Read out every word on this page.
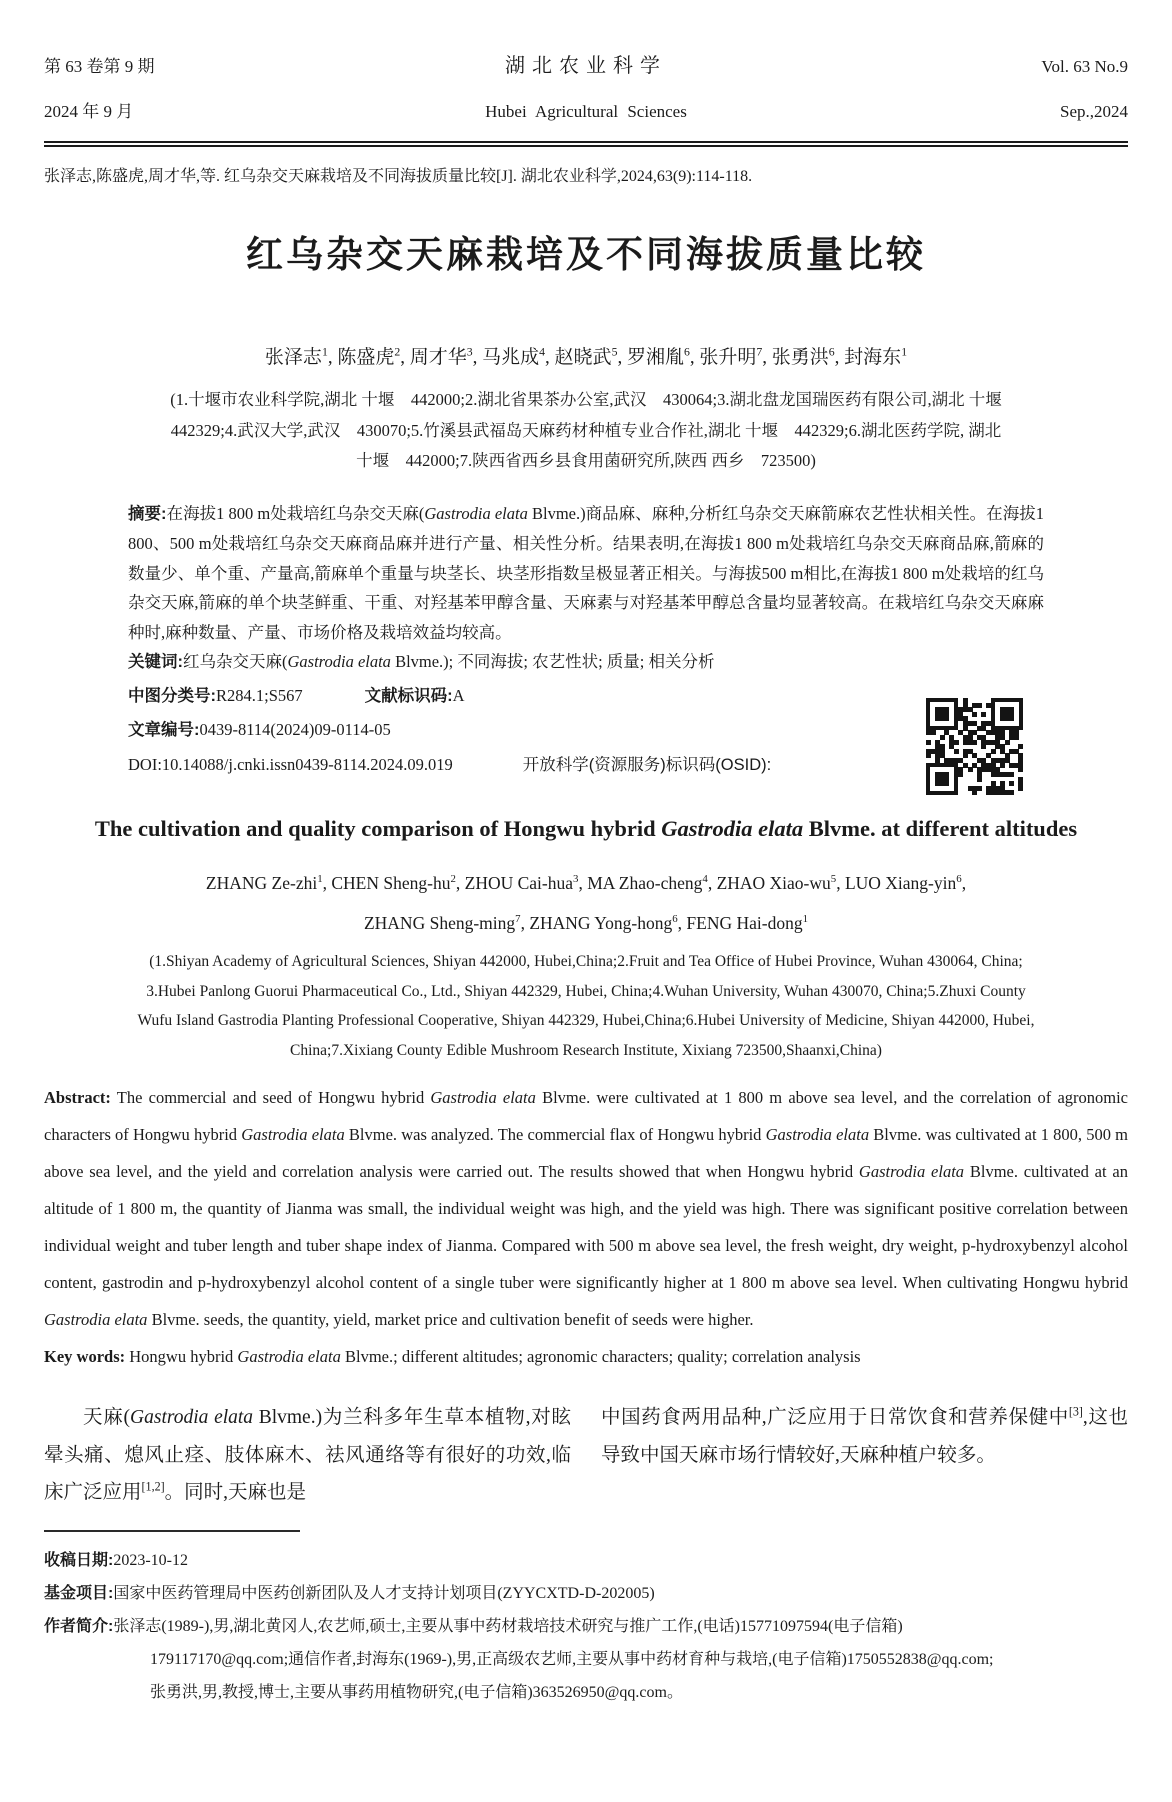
第 63 卷第 9 期
2024 年 9 月
湖北农业科学
Hubei Agricultural Sciences
Vol. 63 No.9
Sep.,2024
张泽志,陈盛虎,周才华,等. 红乌杂交天麻栽培及不同海拔质量比较[J]. 湖北农业科学,2024,63(9):114-118.
红乌杂交天麻栽培及不同海拔质量比较
张泽志$^1$, 陈盛虎$^2$, 周才华$^3$, 马兆成$^4$, 赵晓武$^5$, 罗湘胤$^6$, 张升明$^7$, 张勇洪$^6$, 封海东$^1$
(1.十堰市农业科学院,湖北 十堰　442000;2.湖北省果茶办公室,武汉　430064;3.湖北盘龙国瑞医药有限公司,湖北 十堰
442329;4.武汉大学,武汉　430070;5.竹溪县武福岛天麻药材种植专业合作社,湖北 十堰　442329;6.湖北医药学院, 湖北
十堰　442000;7.陕西省西乡县食用菌研究所,陕西 西乡　723500)

摘要:在海拔1 800 m处栽培红乌杂交天麻(Gastrodia elata Blvme.)商品麻、麻种,分析红乌杂交天麻箭麻农艺性状相关性。在海拔1 800、500 m处栽培红乌杂交天麻商品麻并进行产量、相关性分析。结果表明,在海拔1 800 m处栽培红乌杂交天麻商品麻,箭麻的数量少、单个重、产量高,箭麻单个重量与块茎长、块茎形指数呈极显著正相关。与海拔500 m相比,在海拔1 800 m处栽培的红乌杂交天麻,箭麻的单个块茎鲜重、干重、对羟基苯甲醇含量、天麻素与对羟基苯甲醇总含量均显著较高。在栽培红乌杂交天麻麻种时,麻种数量、产量、市场价格及栽培效益均较高。

关键词:红乌杂交天麻(Gastrodia elata Blvme.); 不同海拔; 农艺性状; 质量; 相关分析

中图分类号:R284.1;S567	文献标识码:A

文章编号:0439-8114(2024)09-0114-05

DOI:10.14088/j.cnki.issn0439-8114.2024.09.019	开放科学(资源服务)标识码(OSID):

The cultivation and quality comparison of Hongwu hybrid Gastrodia elata Blvme. at different altitudes
ZHANG Ze-zhi$^1$, CHEN Sheng-$hu^2$, ZHOU Cai-hua$^3$, MA Zhao-cheng$^4$, ZHAO Xiao-$wu^5$, LUO Xiang-yin$^6$,
ZHANG Sheng-ming$^7$, ZHANG Yong-hong$^6$, FENG Hai-dong$^1$
(1.Shiyan Academy of Agricultural Sciences, Shiyan 442000, Hubei,China;2.Fruit and Tea Office of Hubei Province, Wuhan 430064, China;
3.Hubei Panlong Guorui Pharmaceutical Co., Ltd., Shiyan 442329, Hubei, China;4.Wuhan University, Wuhan 430070, China;5.Zhuxi County
Wufu Island Gastrodia Planting Professional Cooperative, Shiyan 442329, Hubei,China;6.Hubei University of Medicine, Shiyan 442000, Hubei,
China;7.Xixiang County Edible Mushroom Research Institute, Xixiang 723500,Shaanxi,China)

Abstract: The commercial and seed of Hongwu hybrid Gastrodia elata Blvme. were cultivated at 1 800 m above sea level, and the correlation of agronomic characters of Hongwu hybrid Gastrodia elata Blvme. was analyzed. The commercial flax of Hongwu hybrid Gastrodia elata Blvme. was cultivated at 1 800, 500 m above sea level, and the yield and correlation analysis were carried out. The results showed that when Hongwu hybrid Gastrodia elata Blvme. cultivated at an altitude of 1 800 m, the quantity of Jianma was small, the individual weight was high, and the yield was high. There was significant positive correlation between individual weight and tuber length and tuber shape index of Jianma. Compared with 500 m above sea level, the fresh weight, dry weight, p-hydroxybenzyl alcohol content, gastrodin and p-hydroxybenzyl alcohol content of a single tuber were significantly higher at 1 800 m above sea level. When cultivating Hongwu hybrid Gastrodia elata Blvme. seeds, the quantity, yield, market price and cultivation benefit of seeds were higher.

Key words: Hongwu hybrid Gastrodia elata Blvme.; different altitudes; agronomic characters; quality; correlation analysis

天麻(Gastrodia elata Blvme.)为兰科多年生草本植物,对眩晕头痛、熄风止痉、肢体麻木、祛风通络等有很好的功效,临床广泛应用[1,2]。同时,天麻也是

中国药食两用品种,广泛应用于日常饮食和营养保健中[3],这也导致中国天麻市场行情较好,天麻种植户较多。

收稿日期:2023-10-12
基金项目:国家中医药管理局中医药创新团队及人才支持计划项目(ZYYCXTD-D-202005)
作者简介:张泽志(1989-),男,湖北黄冈人,农艺师,硕士,主要从事中药材栽培技术研究与推广工作,(电话)15771097594(电子信箱)
179117170@qq.com;通信作者,封海东(1969-),男,正高级农艺师,主要从事中药材育种与栽培,(电子信箱)1750552838@qq.com;
张勇洪,男,教授,博士,主要从事药用植物研究,(电子信箱)363526950@qq.com。
